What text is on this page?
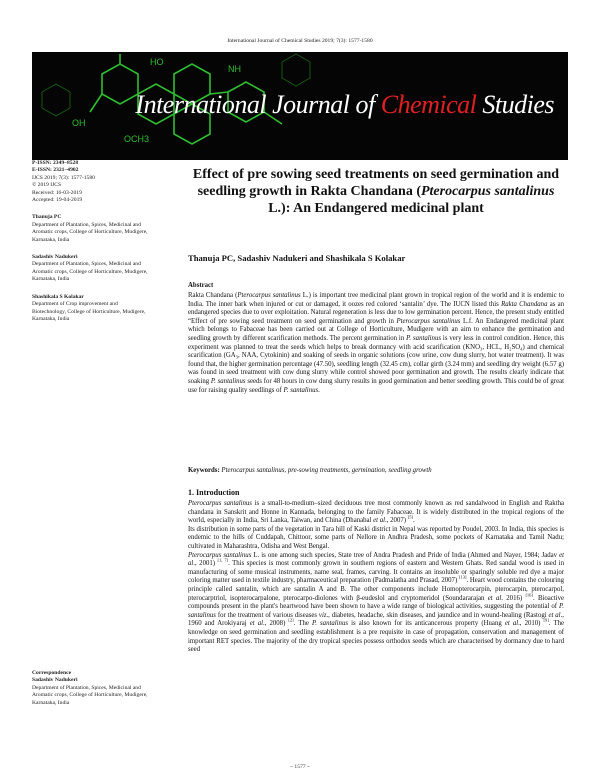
International Journal of Chemical Studies 2019; 7(3): 1577-1580
HO
NH
OCH3
OH
International Journal of Chemical Studies
P-ISSN: 2349–8528
E-ISSN: 2321–4902
IJCS 2019; 7(3): 1577-1580
© 2019 IJCS
Received: 16-03-2019
Accepted: 19-04-2019
Thanuja PC
Department of Plantation, Spices, Medicinal and Aromatic crops, College of Horticulture, Mudigere, Karnataka, India
Sadashiv Nadukeri
Department of Plantation, Spices, Medicinal and Aromatic crops, College of Horticulture, Mudigere, Karnataka, India
Shashikala S Kolakar
Department of Crop improvement and Biotechnology, College of Horticulture, Mudigere, Karnataka, India
Correspondence
Sadashiv Nadukeri
Department of Plantation, Spices, Medicinal and Aromatic crops, College of Horticulture, Mudigere, Karnataka, India
Effect of pre sowing seed treatments on seed germination and seedling growth in Rakta Chandana (Pterocarpus santalinus L.): An Endangered medicinal plant
Thanuja PC, Sadashiv Nadukeri and Shashikala S Kolakar
Abstract
Rakta Chandana (Pterocarpus santalinus L.) is important tree medicinal plant grown in tropical region of the world and it is endemic to India. The inner bark when injured or cut or damaged, it oozes red colored ‘santalin’ dye. The IUCN listed this Rakta Chandana as an endangered species due to over exploitation. Natural regeneration is less due to low germination percent. Hence, the present study entitled “Effect of pre sowing seed treatment on seed germination and growth in Pterocarpus santalinus L.f. An Endangered medicinal plant which belongs to Fabaceae has been carried out at College of Horticulture, Mudigere with an aim to enhance the germination and seedling growth by different scarification methods. The percent germination in P. santalinus is very less in control condition. Hence, this experiment was planned to treat the seeds which helps to break dormancy with acid scarification (KNO₃, HCL, H₂SO₄) and chemical scarification (GA₃, NAA, Cytokinin) and soaking of seeds in organic solutions (cow urine, cow dung slurry, hot water treatment). It was found that, the higher germination percentage (47.50), seedling length (32.45 cm), collar girth (3.24 mm) and seedling dry weight (6.57 g) was found in seed treatment with cow dung slurry while control showed poor germination and growth. The results clearly indicate that soaking P. santalinus seeds for 48 hours in cow dung slurry results in good germination and better seedling growth. This could be of great use for raising quality seedlings of P. santalinus.
Keywords: Pterocarpus santalinus, pre-sowing treatments, germination, seedling growth
1. Introduction

Pterocarpus santalinus is a small-to-medium–sized deciduous tree most commonly known as red sandalwood in English and Raktha chandana in Sanskrit and Honne in Kannada, belonging to the family Fabaceae. It is widely distributed in the tropical regions of the world, especially in India, Sri Lanka, Taiwan, and China (Dhanabal et al., 2007) [5].

Its distribution in some parts of the vegetation in Tara hill of Kaski district in Nepal was reported by Poudel, 2003. In India, this species is endemic to the hills of Cuddapah, Chittoor, some parts of Nellore in Andhra Pradesh, some pockets of Karnataka and Tamil Nadu; cultivated in Maharashtra, Odisha and West Bengal.

Pterocarpus santalinus L. is one among such species, State tree of Andra Pradesh and Pride of India (Ahmed and Nayer, 1984; Jadav et al., 2001) [1, 7]. This species is most commonly grown in southern regions of eastern and Western Ghats. Red sandal wood is used in manufacturing of some musical instruments, name seal, frames, carving. It contains an insoluble or sparingly soluble red dye a major coloring matter used in textile industry, pharmaceutical preparation (Padmalatha and Prasad, 2007) [13]. Heart wood contains the colouring principle called santalin, which are santalin A and B. The other components include Homopterocarpin, pterocarpin, pterocarpol, pterocarptriol, isopterocarpalone, pterocarpo-diolones with β-eudeslol and cryptomeridol (Soundararajan et al. 2016) [16]. Bioactive compounds present in the plant's heartwood have been shown to have a wide range of biological activities, suggesting the potential of P. santalinus for the treatment of various diseases viz., diabetes, headache, skin diseases, and jaundice and in wound-healing (Rastogi et al., 1960 and Arokiyaraj et al., 2008) [2]. The P. santalinus is also known for its anticancerous property (Huang et al., 2010) [9]. The knowledge on seed germination and seedling establishment is a pre requisite in case of propagation, conservation and management of important RET species. The majority of the dry tropical species possess orthodox seeds which are characterised by dormancy due to hard seed

~ 1577 ~
